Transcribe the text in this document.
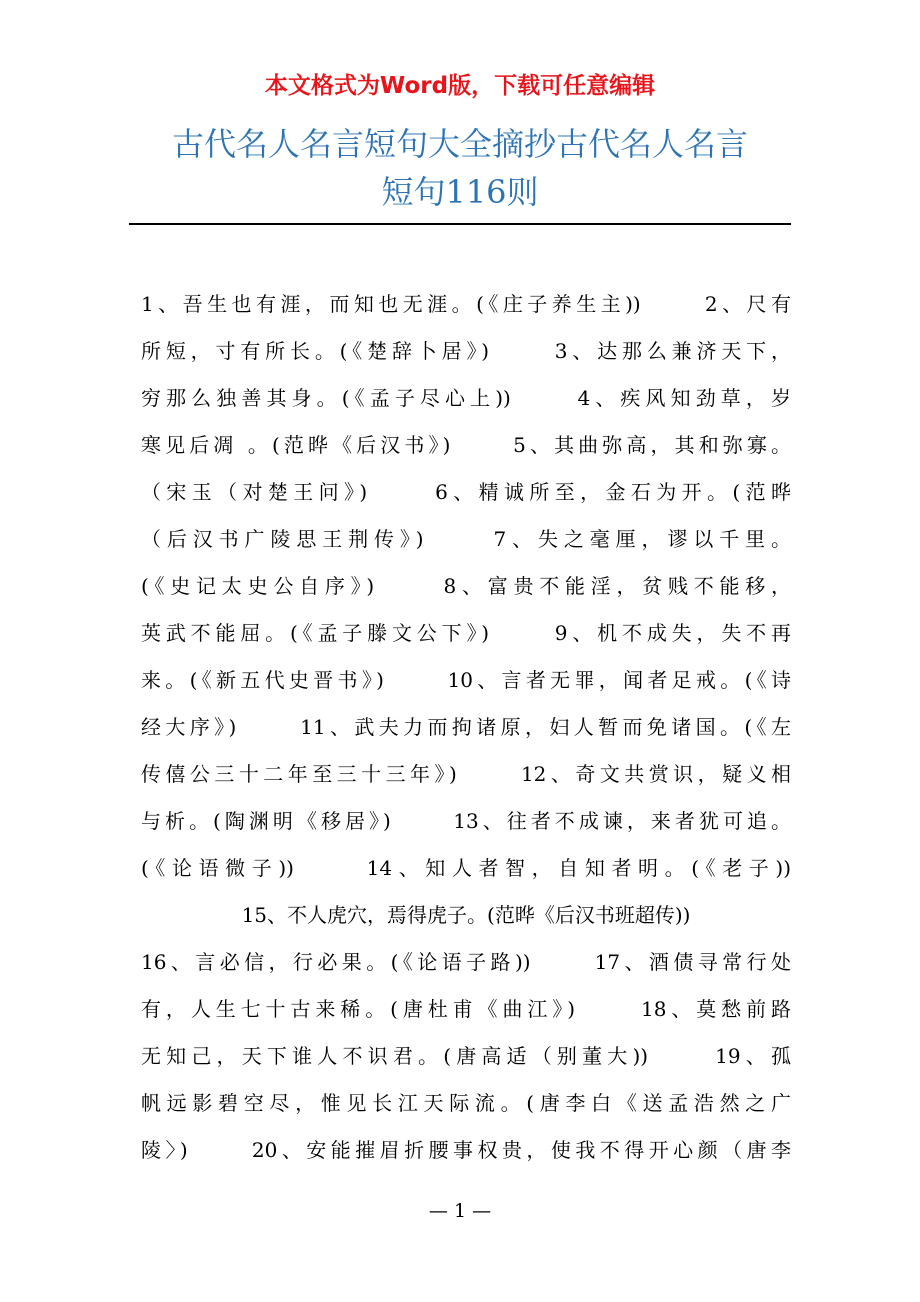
本文格式为Word版，下载可任意编辑
古代名人名言短句大全摘抄古代名人名言
短句116则
1、吾生也有涯，而知也无涯。(《庄子养生主))　　 2、尺有
所短，寸有所长。(《楚辞卜居》)　　 3、达那么兼济天下，
穷那么独善其身。(《孟子尽心上))　　 4、疾风知劲草，岁
寒见后凋 。(范晔《后汉书》)　　 5、其曲弥高，其和弥寡。
（宋玉（对楚王问》)　　 6、精诚所至，金石为开。(范晔
（后汉书广陵思王荆传》)　　 7、失之毫厘，谬以千里。
(《史记太史公自序》)　　 8、富贵不能淫，贫贱不能移，
英武不能屈。(《孟子滕文公下》)　　 9、机不成失，失不再
来。(《新五代史晋书》)　　 10、言者无罪，闻者足戒。(《诗
经大序》)　　 11、武夫力而拘诸原，妇人暂而免诸国。(《左
传僖公三十二年至三十三年》)　　 12、奇文共赏识，疑义相
与析。(陶渊明《移居》)　　 13、往者不成谏，来者犹可追。
(《论语微子))　　 14、知人者智，自知者明。(《老子))
15、不人虎穴，焉得虎子。(范晔《后汉书班超传))
16、言必信，行必果。(《论语子路))　　 17、酒债寻常行处
有，人生七十古来稀。(唐杜甫《曲江》)　　 18、莫愁前路
无知己，天下谁人不识君。(唐高适（别董大))　　 19、孤
帆远影碧空尽，惟见长江天际流。(唐李白《送孟浩然之广
陵〉)　　 20、安能摧眉折腰事权贵，使我不得开心颜（唐李
— 1 —
